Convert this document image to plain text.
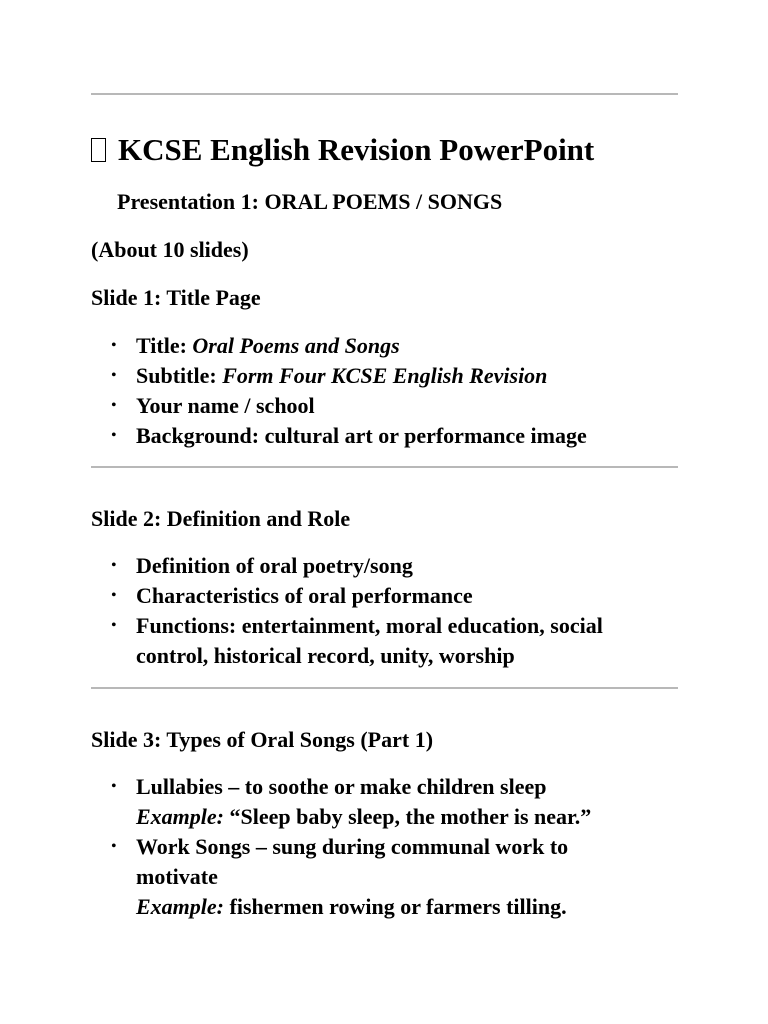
KCSE English Revision PowerPoint

Presentation 1: ORAL POEMS / SONGS

(About 10 slides)

Slide 1: Title Page

• Title: Oral Poems and Songs
• Subtitle: Form Four KCSE English Revision
• Your name / school
• Background: cultural art or performance image

Slide 2: Definition and Role

• Definition of oral poetry/song
• Characteristics of oral performance
• Functions: entertainment, moral education, social
control, historical record, unity, worship

Slide 3: Types of Oral Songs (Part 1)

• Lullabies – to soothe or make children sleep
Example: “Sleep baby sleep, the mother is near.”
• Work Songs – sung during communal work to
motivate
Example: fishermen rowing or farmers tilling.
